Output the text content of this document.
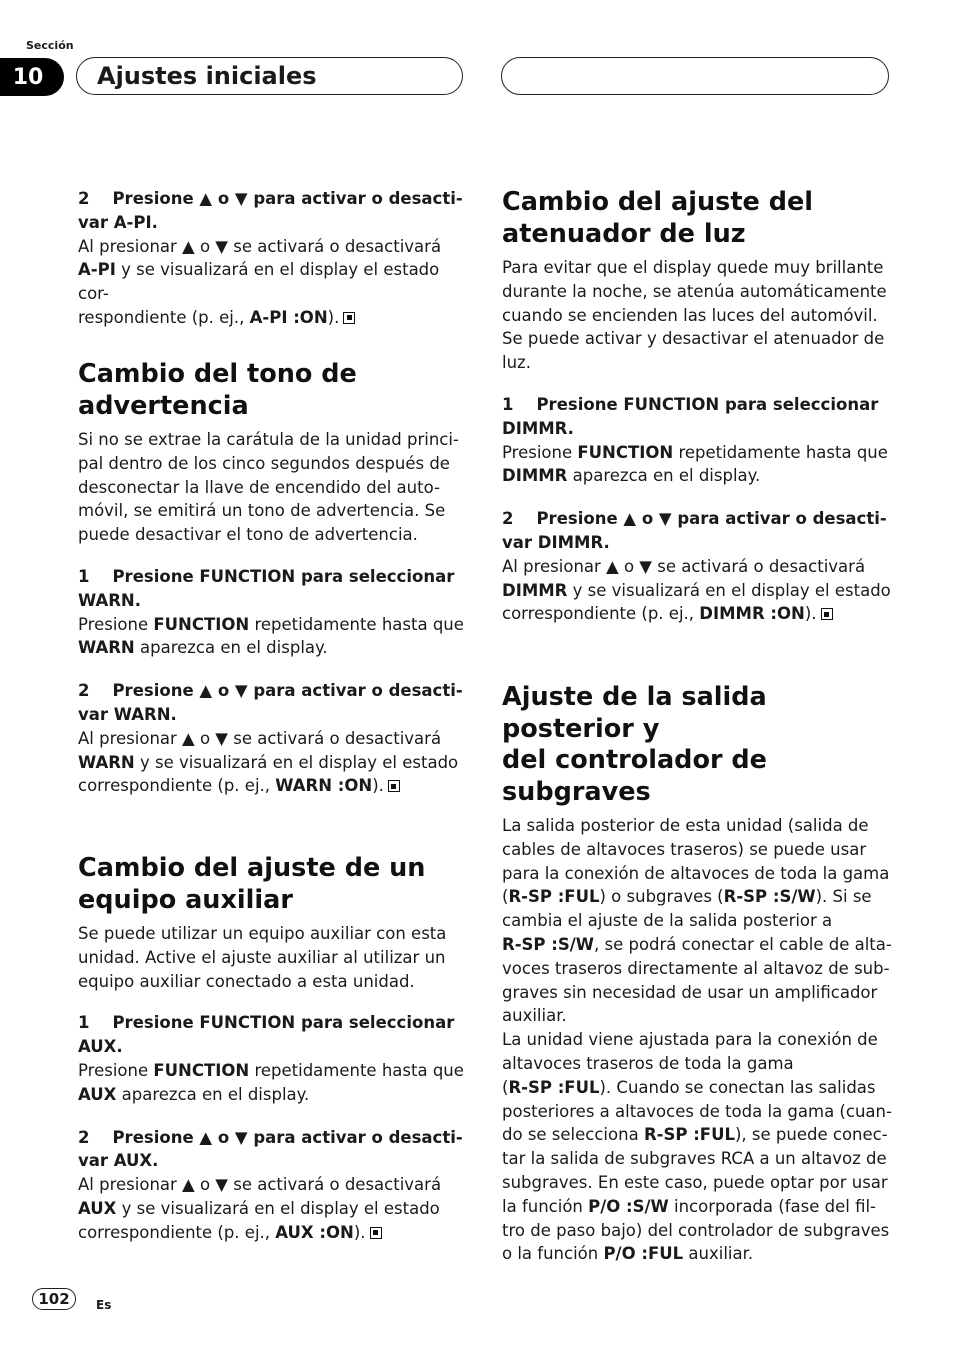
Sección
10	Ajustes iniciales

2 Presione ▲ o ▼ para activar o desacti-

var A-PI.

Al presionar ▲ o ▼ se activará o desactivará

A-PI y se visualizará en el display el estado cor-

respondiente (p. ej., A-PI :ON).

Cambio del tono de

advertencia

Si no se extrae la carátula de la unidad princi-

pal dentro de los cinco segundos después de

desconectar la llave de encendido del auto-

móvil, se emitirá un tono de advertencia. Se

puede desactivar el tono de advertencia.

1 Presione FUNCTION para seleccionar

WARN.

Presione FUNCTION repetidamente hasta que

WARN aparezca en el display.

2 Presione ▲ o ▼ para activar o desacti-

var WARN.

Al presionar ▲ o ▼ se activará o desactivará

WARN y se visualizará en el display el estado

correspondiente (p. ej., WARN :ON).

Cambio del ajuste de un

equipo auxiliar

Se puede utilizar un equipo auxiliar con esta

unidad. Active el ajuste auxiliar al utilizar un

equipo auxiliar conectado a esta unidad.

1 Presione FUNCTION para seleccionar

AUX.

Presione FUNCTION repetidamente hasta que

AUX aparezca en el display.

2 Presione ▲ o ▼ para activar o desacti-

var AUX.

Al presionar ▲ o ▼ se activará o desactivará

AUX y se visualizará en el display el estado

correspondiente (p. ej., AUX :ON).

Cambio del ajuste del

atenuador de luz

Para evitar que el display quede muy brillante

durante la noche, se atenúa automáticamente

cuando se encienden las luces del automóvil.

Se puede activar y desactivar el atenuador de

luz.

1 Presione FUNCTION para seleccionar

DIMMR.

Presione FUNCTION repetidamente hasta que

DIMMR aparezca en el display.

2 Presione ▲ o ▼ para activar o desacti-

var DIMMR.

Al presionar ▲ o ▼ se activará o desactivará

DIMMR y se visualizará en el display el estado

correspondiente (p. ej., DIMMR :ON).

Ajuste de la salida posterior y

del controlador de subgraves

La salida posterior de esta unidad (salida de

cables de altavoces traseros) se puede usar

para la conexión de altavoces de toda la gama

(R-SP :FUL) o subgraves (R-SP :S/W). Si se

cambia el ajuste de la salida posterior a

R-SP :S/W, se podrá conectar el cable de alta-

voces traseros directamente al altavoz de sub-

graves sin necesidad de usar un amplificador

auxiliar.

La unidad viene ajustada para la conexión de

altavoces traseros de toda la gama

(R-SP :FUL). Cuando se conectan las salidas

posteriores a altavoces de toda la gama (cuan-

do se selecciona R-SP :FUL), se puede conec-

tar la salida de subgraves RCA a un altavoz de

subgraves. En este caso, puede optar por usar

la función P/O :S/W incorporada (fase del fil-

tro de paso bajo) del controlador de subgraves

o la función P/O :FUL auxiliar.

102	Es
